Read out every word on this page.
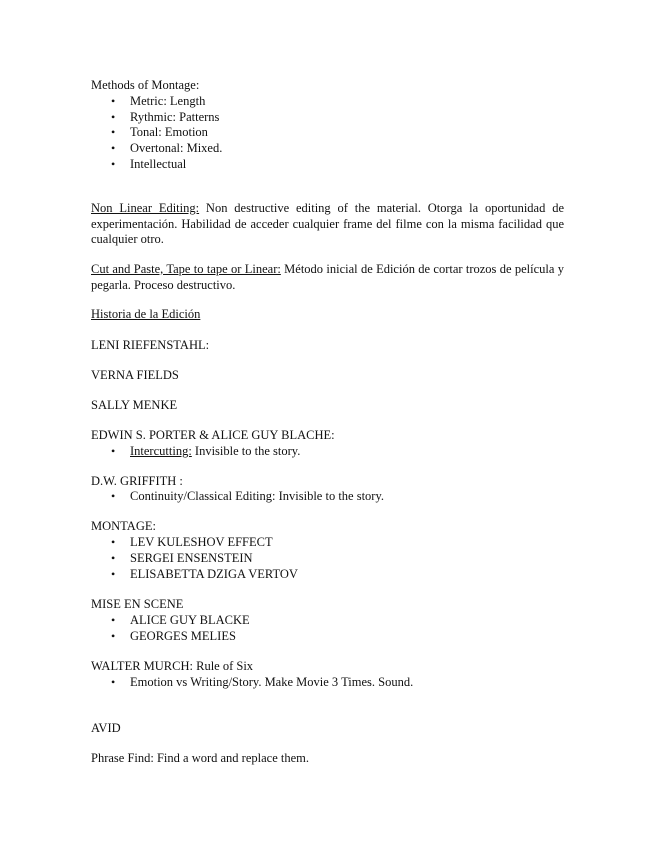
Methods of Montage:
• Metric: Length
• Rythmic: Patterns
• Tonal: Emotion
• Overtonal: Mixed.
• Intellectual
Non Linear Editing: Non destructive editing of the material. Otorga la oportunidad de experimentación. Habilidad de acceder cualquier frame del filme con la misma facilidad que cualquier otro.
Cut and Paste, Tape to tape or Linear: Método inicial de Edición de cortar trozos de película y pegarla. Proceso destructivo.
Historia de la Edición
LENI RIEFENSTAHL:
VERNA FIELDS
SALLY MENKE
EDWIN S. PORTER & ALICE GUY BLACHE:
• Intercutting: Invisible to the story.
D.W. GRIFFITH :
• Continuity/Classical Editing: Invisible to the story.
MONTAGE:
• LEV KULESHOV EFFECT
• SERGEI ENSENSTEIN
• ELISABETTA DZIGA VERTOV
MISE EN SCENE
• ALICE GUY BLACKE
• GEORGES MELIES
WALTER MURCH: Rule of Six
• Emotion vs Writing/Story. Make Movie 3 Times. Sound.
AVID
Phrase Find: Find a word and replace them.
